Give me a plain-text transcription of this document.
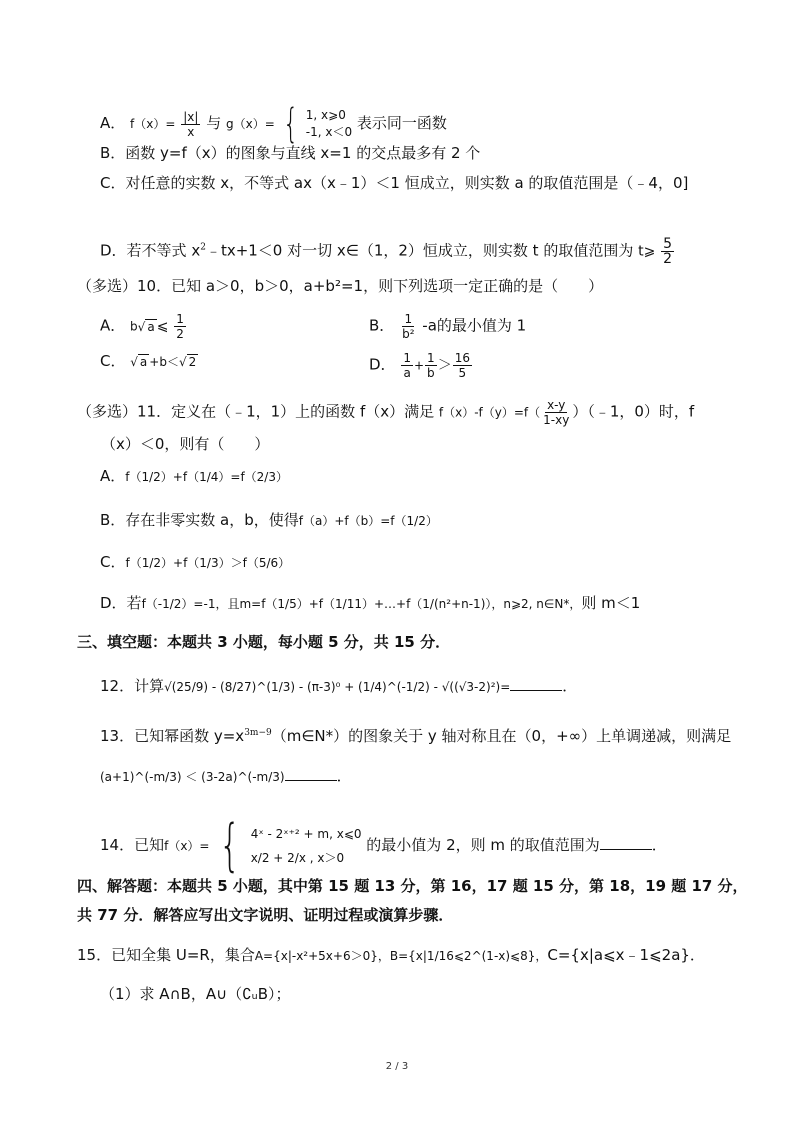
A． $f(x)= \frac{|x|}{x}$ 与 g（x）= { 1, x⩾0
-1, x＜0 表示同一函数
B．函数 y=f（x）的图象与直线 x=1 的交点最多有 2 个
C．对任意的实数 x，不等式 ax（x﹣1）＜1 恒成立，则实数 a 的取值范围是（﹣4，0]
D．若不等式 $x^2﹣tx+1<0$ 对一切 x∈（1，2）恒成立，则实数 t 的取值范围为 t⩾ $\frac{5}{2}$
（多选）10．已知 a＞0，b＞0，a+b²=1，则下列选项一定正确的是（　　）
A． b√ a ⩽ $\frac{1}{2}$	B． $\frac{1}{\text{b²}} -a$的最小值为 1
C． √ a +b＜√ 2	D． $\frac{1}{a} + \frac{1}{b} > \frac{16}{5}$
（多选）11．定义在（﹣1，1）上的函数 f（x）满足 $f(x)-f(y)=f( \frac{x-y}{1-xy}$ ）（﹣1，0）时，f
（x）＜0，则有（　　）
A．f（1/2）+f（1/4）=f（2/3）
B．存在非零实数 a，b，使得f（a）+f（b）=f（1/2）
C．f（1/2）+f（1/3）＞f（5/6）
D．若f（-1/2）=-1，且m=f（1/5）+f（1/11）+…+f（1/(n²+n-1)），n⩾2, n∈N*，则 m＜1
三、填空题：本题共 3 小题，每小题 5 分，共 15 分．
12．计算√(25/9) - (8/27)^(1/3) - (π-3)⁰ + (1/4)^(-1/2) - √((√3-2)²)=	．
13．已知幂函数 $y=x^{3m-9}(m\in N*)$的图象关于 y 轴对称且在（0，+∞）上单调递减，则满足
(a+1)^(-m/3) ＜ (3-2a)^(-m/3)	．
14．已知f（x）= { 4ˣ - 2ˣ⁺² + m, x⩽0
x/2 + 2/x , x＞0
的最小值为 2，则 m 的取值范围为	．
四、解答题：本题共 5 小题，其中第 15 题 13 分，第 16，17 题 15 分，第 18，19 题 17 分，
共 77 分．解答应写出文字说明、证明过程或演算步骤．
15．已知全集 U=R，集合A={x|-x²+5x+6＞0}，B={x|1/16⩽2^(1-x)⩽8}，C={x|a⩽x﹣1⩽2a}．
（1）求 A∩B，A∪（∁ᵤB）；
2 / 3
